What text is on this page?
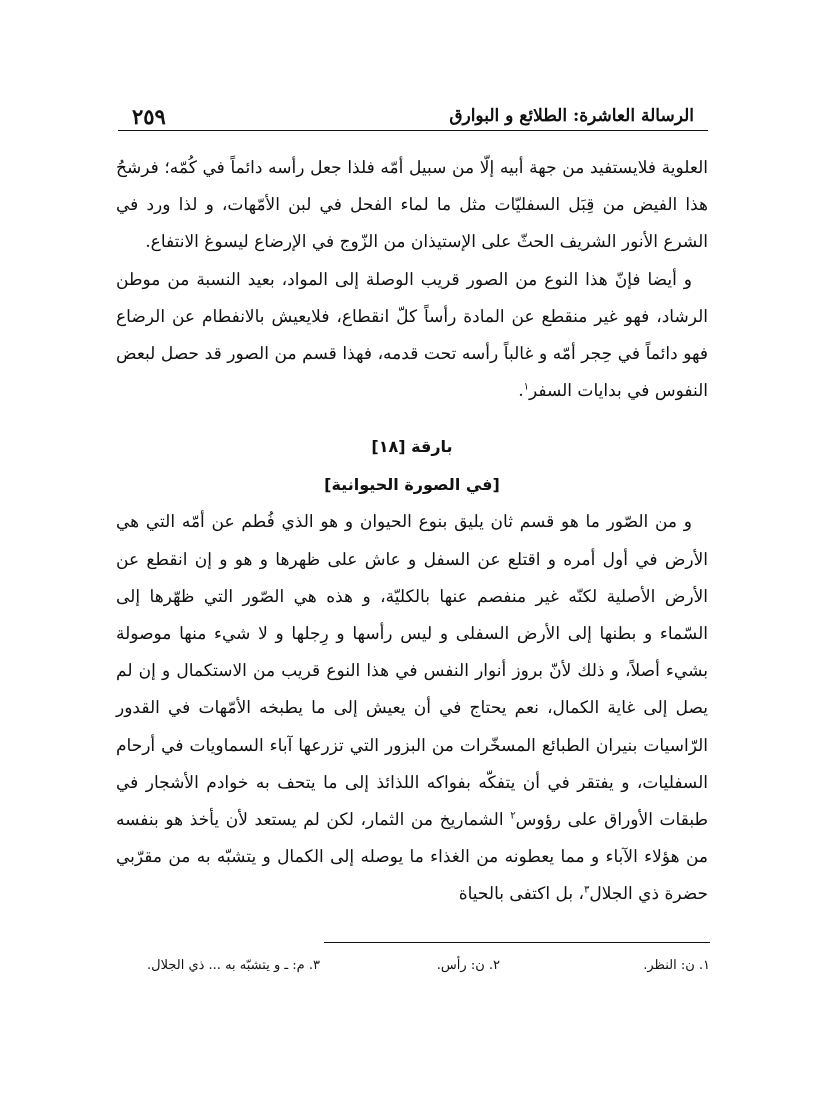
٢٥٩	الرسالة العاشرة: الطلائع و البوارق

العلوية فلايستفيد من جهة أبيه إلّا من سبيل أمّه فلذا جعل رأسه دائماً في كُمّه؛ فرشحُ هذا الفيض من قِبَل السفليّات مثل ما لماء الفحل في لبن الأمّهات، و لذا ورد في الشرع الأنور الشريف الحثّ على الإستيذان من الزّوج في الإرضاع ليسوغ الانتفاع.

و أيضا فإنّ هذا النوع من الصور قريب الوصلة إلى المواد، بعيد النسبة من موطن الرشاد، فهو غير منقطع عن المادة رأساً كلّ انقطاع، فلايعيش بالانفطام عن الرضاع فهو دائماً في حِجر أمّه و غالباً رأسه تحت قدمه، فهذا قسم من الصور قد حصل لبعض النفوس في بدايات السفر$^١$.

بارقة [١٨]

[في الصورة الحيوانية]

و من الصّور ما هو قسم ثان يليق بنوع الحيوان و هو الذي فُطم عن أمّه التي هي الأرض في أول أمره و اقتلع عن السفل و عاش على ظهرها و هو و إن انقطع عن الأرض الأصلية لكنّه غير منفصم عنها بالكليّة، و هذه هي الصّور التي ظهّرها إلى السّماء و بطنها إلى الأرض السفلى و ليس رأسها و رِجلها و لا شيء منها موصولة بشيء أصلاً، و ذلك لأنّ بروز أنوار النفس في هذا النوع قريب من الاستكمال و إن لم يصل إلى غاية الكمال، نعم يحتاج في أن يعيش إلى ما يطبخه الأمّهات في القدور الرّاسيات بنيران الطبائع المسخّرات من البزور التي تزرعها آباء السماويات في أرحام السفليات، و يفتقر في أن يتفكّه بفواكه اللذائذ إلى ما يتحف به خوادم الأشجار في طبقات الأوراق على رؤوس$^٢$ الشماريخ من الثمار، لكن لم يستعد لأن يأخذ هو بنفسه من هؤلاء الآباء و مما يعطونه من الغذاء ما يوصله إلى الكمال و يتشبّه به من مقرّبي حضرة ذي الجلال$^٣$، بل اكتفى بالحياة

١. ن: النظر.
٢. ن: رأس.
٣. م: ـ و يتشبّه به ... ذي الجلال.
